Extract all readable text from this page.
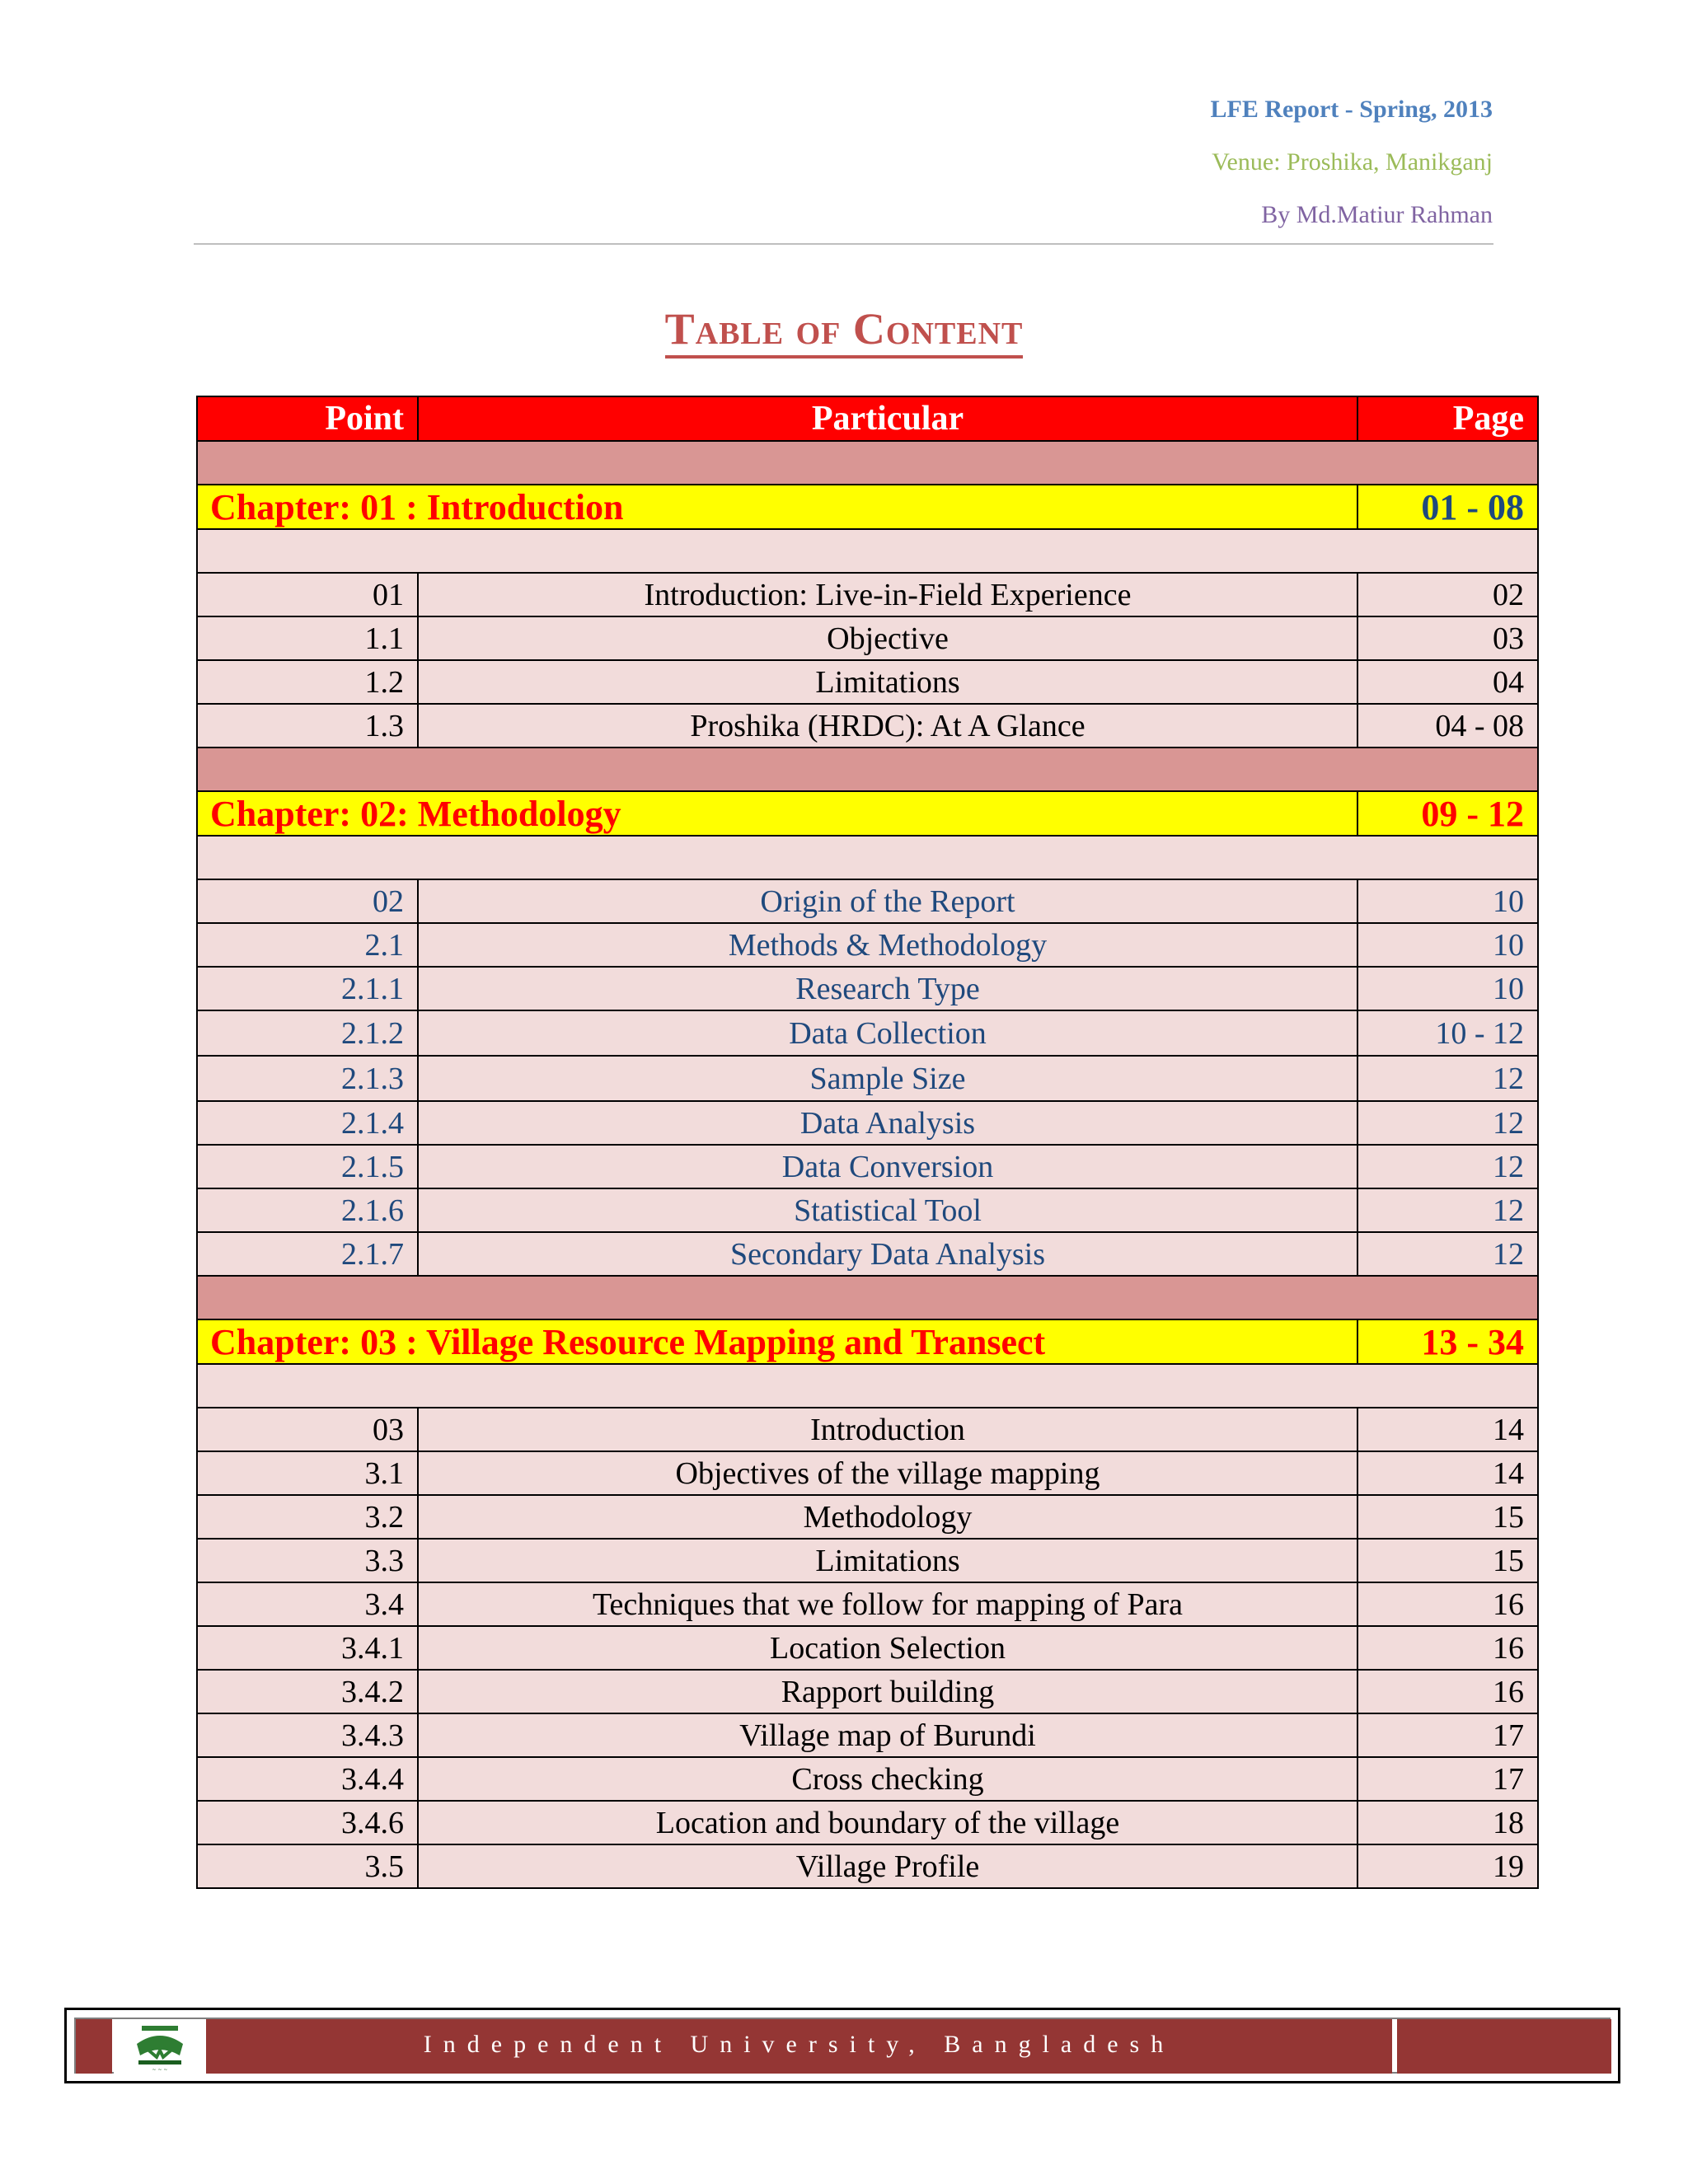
LFE Report - Spring, 2013
Venue: Proshika, Manikganj
By Md.Matiur Rahman
Table of Content
Point	Particular	Page

Chapter: 01 : Introduction		01 - 08

01	Introduction: Live-in-Field Experience	02
1.1	Objective	03
1.2	Limitations	04
1.3	Proshika (HRDC): At A Glance	04 - 08

Chapter: 02: Methodology		09 - 12

02	Origin of the Report	10
2.1	Methods & Methodology	10
2.1.1	Research Type	10
2.1.2	Data Collection	10 - 12
2.1.3	Sample Size	12
2.1.4	Data Analysis	12
2.1.5	Data Conversion	12
2.1.6	Statistical Tool	12
2.1.7	Secondary Data Analysis	12

Chapter: 03 : Village Resource Mapping and Transect		13 - 34

03	Introduction	14
3.1	Objectives of the village mapping	14
3.2	Methodology	15
3.3	Limitations	15
3.4	Techniques that we follow for mapping of Para	16
3.4.1	Location Selection	16
3.4.2	Rapport building	16
3.4.3	Village map of Burundi	17
3.4.4	Cross checking	17
3.4.6	Location and boundary of the village	18
3.5	Village Profile	19
~ ~ ~
Independent University, Bangladesh
